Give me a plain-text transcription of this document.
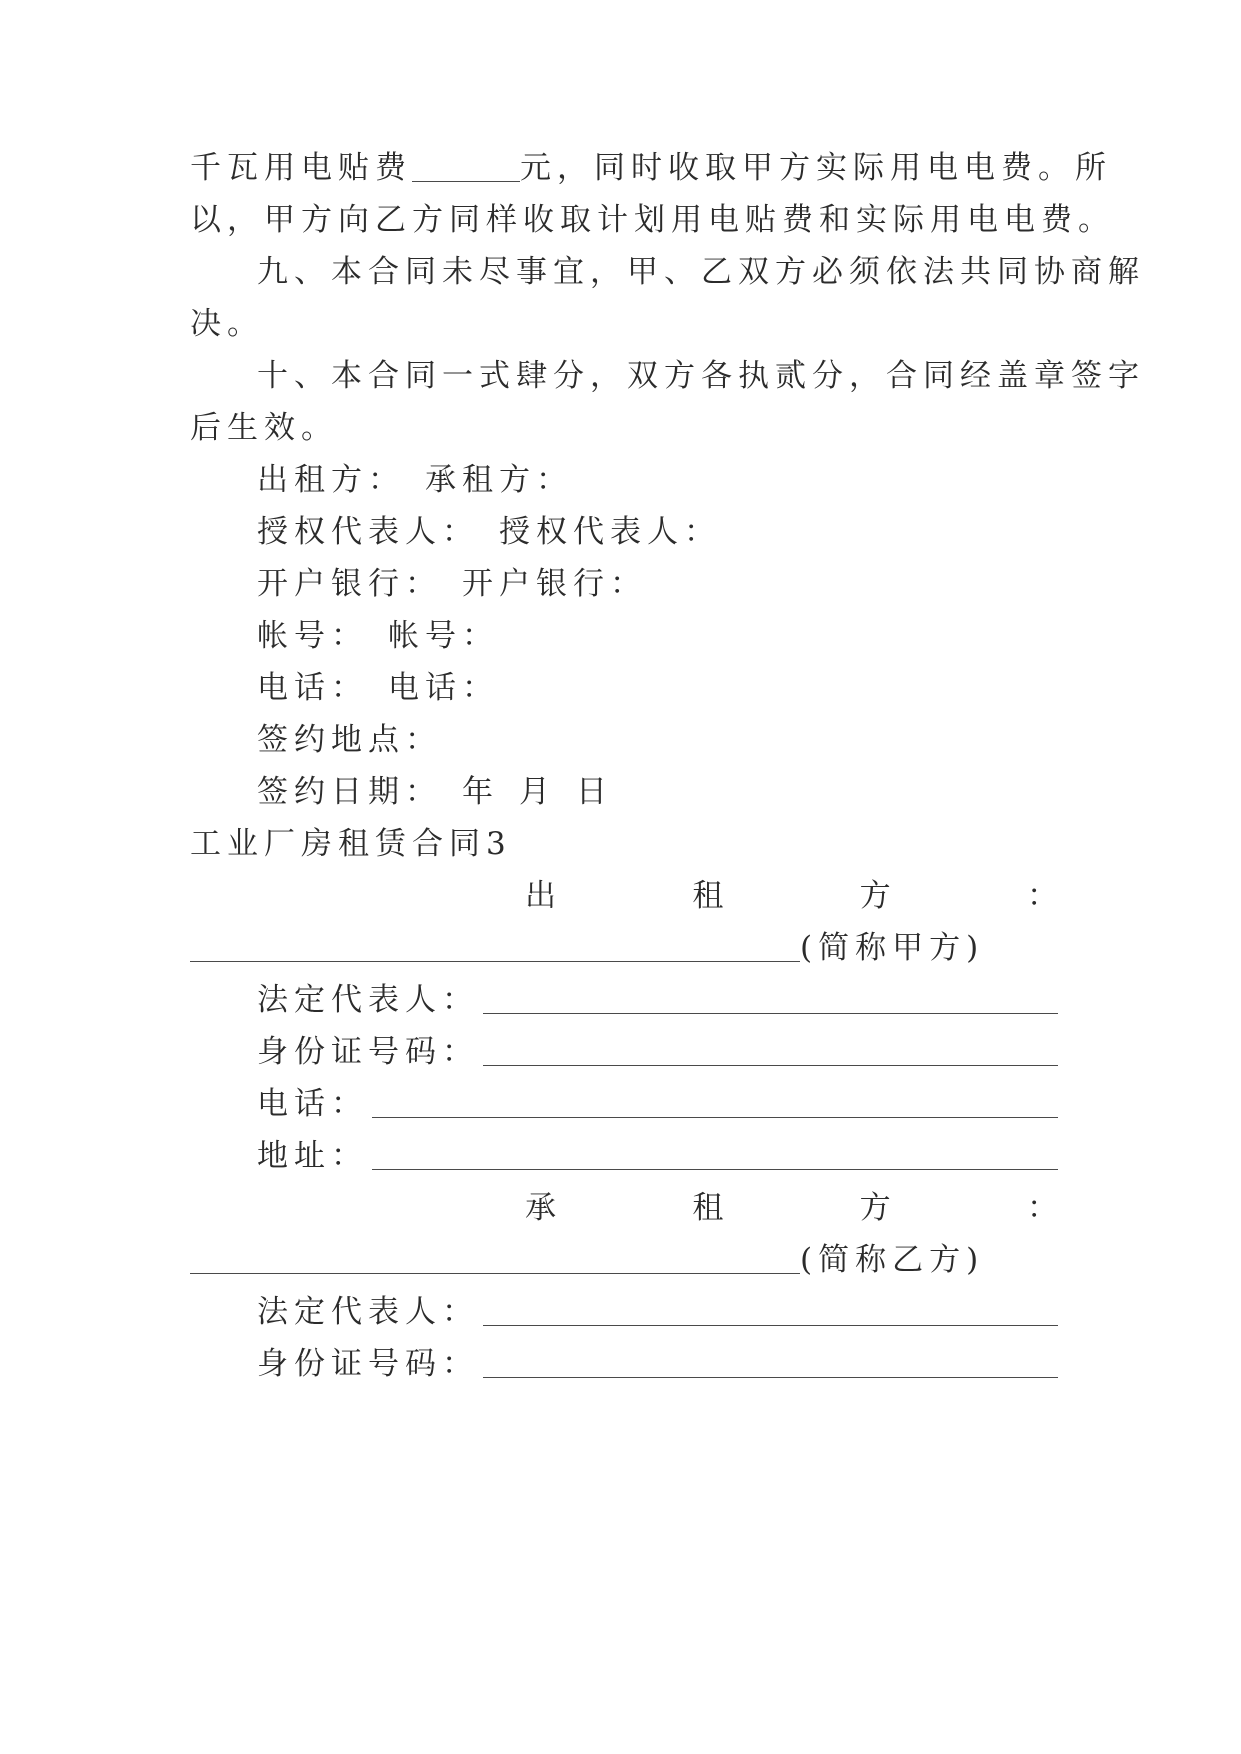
千瓦用电贴费	元，同时收取甲方实际用电电费。所
以，甲方向乙方同样收取计划用电贴费和实际用电电费。
九、本合同未尽事宜，甲、乙双方必须依法共同协商解
决。
十、本合同一式肆分，双方各执贰分，合同经盖章签字
后生效。
出租方： 承租方：
授权代表人： 授权代表人：
开户银行： 开户银行：
帐号： 帐号：
电话： 电话：
签约地点：
签约日期： 年 月 日
工业厂房租赁合同3
出	租	方	：
(简称甲方)
法定代表人：
身份证号码：
电话：
地址：
承	租	方	：
(简称乙方)
法定代表人：
身份证号码：
